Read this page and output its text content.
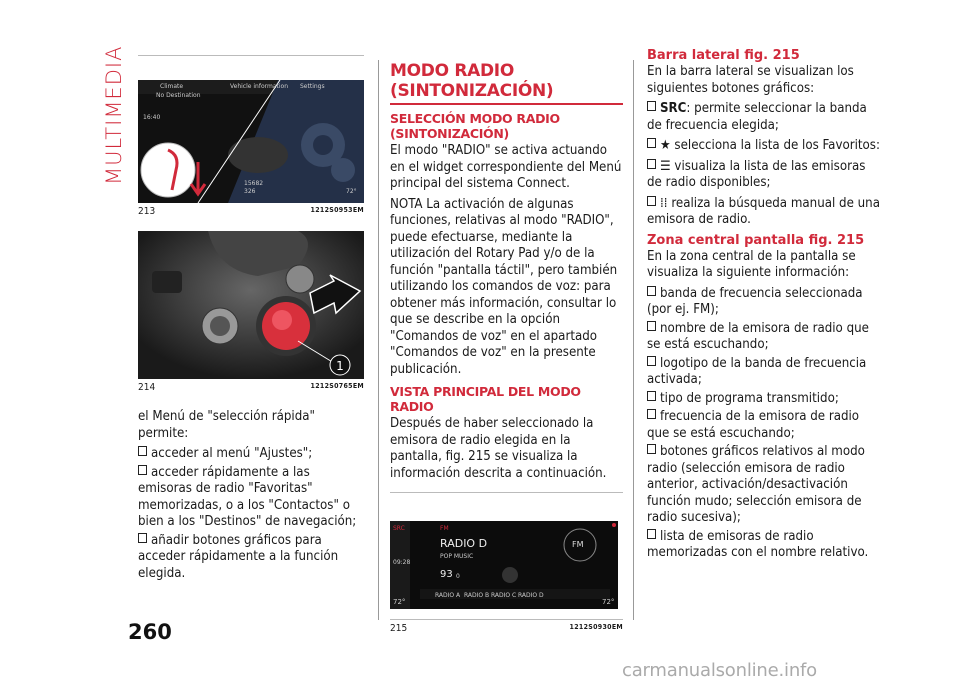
MULTIMEDIA	Climate	Vehicle information Settings
No Destination
16:40
15682
326	72°
213	1212S0953EM
1
214	1212S0765EM

el Menú de "selección rápida" permite:

acceder al menú "Ajustes";
acceder rápidamente a las emisoras de radio "Favoritas" memorizadas, o a los "Contactos" o bien a los "Destinos" de navegación;
añadir botones gráficos para acceder rápidamente a la función elegida.
MODO RADIO (SINTONIZACIÓN)
SELECCIÓN MODO RADIO (SINTONIZACIÓN)

El modo "RADIO" se activa actuando en el widget correspondiente del Menú principal del sistema Connect.

NOTA La activación de algunas funciones, relativas al modo "RADIO", puede efectuarse, mediante la utilización del Rotary Pad y/o de la función "pantalla táctil", pero también utilizando los comandos de voz: para obtener más información, consultar lo que se describe en la opción "Comandos de voz" en el apartado "Comandos de voz" en la presente publicación.

VISTA PRINCIPAL DEL MODO RADIO

Después de haber seleccionado la emisora de radio elegida en la pantalla, fig. 215 se visualiza la información descrita a continuación.

SRC
09:28
72°
FM
RADIO D
POP MUSIC
93 0
FM
RADIO A RADIO B RADIO C RADIO D
72°
215	1212S0930EM
Barra lateral fig. 215

En la barra lateral se visualizan los siguientes botones gráficos:

SRC: permite seleccionar la banda de frecuencia elegida;
★ selecciona la lista de los Favoritos:
☰ visualiza la lista de las emisoras de radio disponibles;
⁞⁞ realiza la búsqueda manual de una emisora de radio.
Zona central pantalla fig. 215

En la zona central de la pantalla se visualiza la siguiente información:

banda de frecuencia seleccionada (por ej. FM);
nombre de la emisora de radio que se está escuchando;
logotipo de la banda de frecuencia activada;
tipo de programa transmitido;
frecuencia de la emisora de radio que se está escuchando;
botones gráficos relativos al modo radio (selección emisora de radio anterior, activación/desactivación función mudo; selección emisora de radio sucesiva);
lista de emisoras de radio memorizadas con el nombre relativo.
260
carmanualsonline.info
